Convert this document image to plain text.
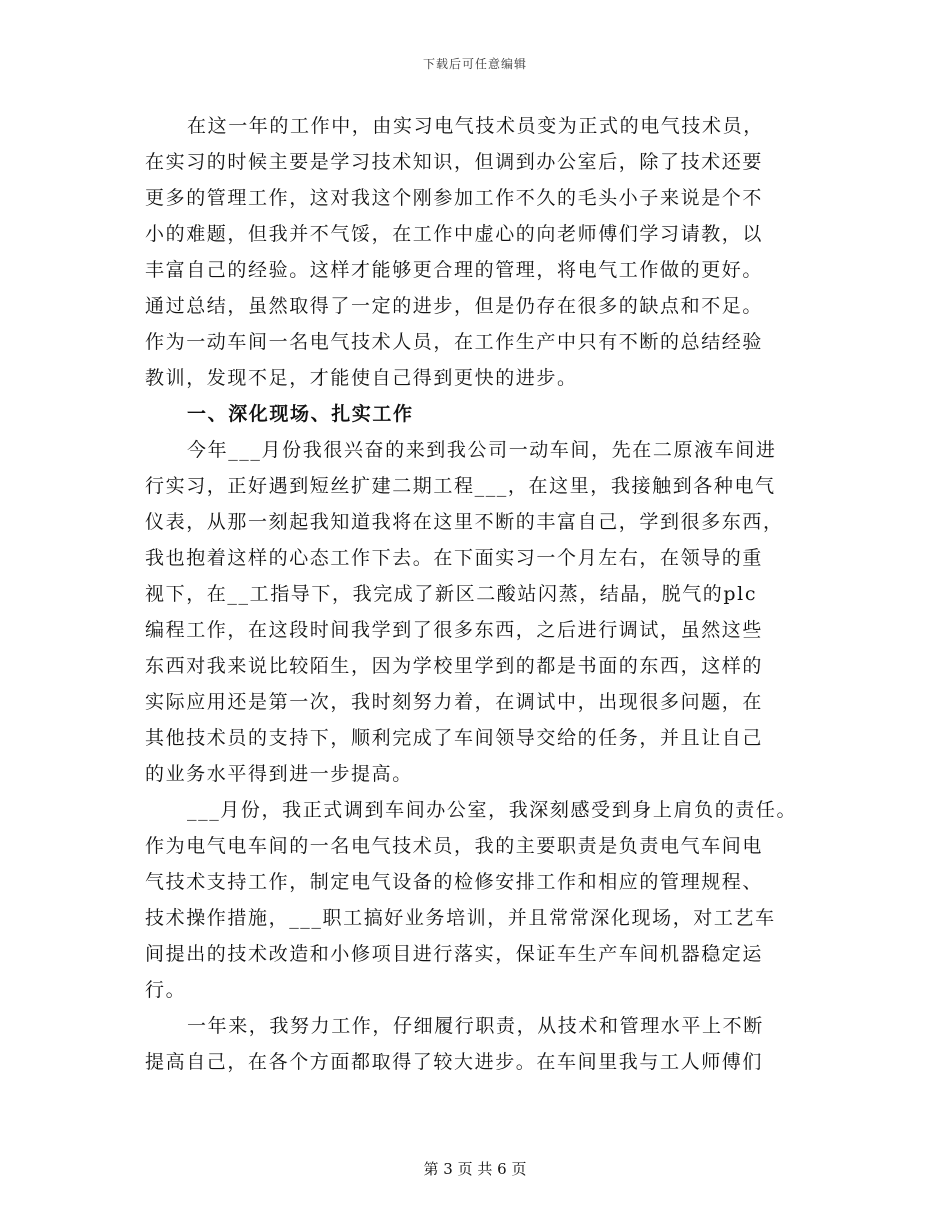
下载后可任意编辑
在这一年的工作中，由实习电气技术员变为正式的电气技术员，
在实习的时候主要是学习技术知识，但调到办公室后，除了技术还要
更多的管理工作，这对我这个刚参加工作不久的毛头小子来说是个不
小的难题，但我并不气馁，在工作中虚心的向老师傅们学习请教，以
丰富自己的经验。这样才能够更合理的管理，将电气工作做的更好。
通过总结，虽然取得了一定的进步，但是仍存在很多的缺点和不足。
作为一动车间一名电气技术人员，在工作生产中只有不断的总结经验
教训，发现不足，才能使自己得到更快的进步。
一、深化现场、扎实工作
今年___月份我很兴奋的来到我公司一动车间，先在二原液车间进
行实习，正好遇到短丝扩建二期工程___，在这里，我接触到各种电气
仪表，从那一刻起我知道我将在这里不断的丰富自己，学到很多东西，
我也抱着这样的心态工作下去。在下面实习一个月左右，在领导的重
视下，在__工指导下，我完成了新区二酸站闪蒸，结晶，脱气的plc
编程工作，在这段时间我学到了很多东西，之后进行调试，虽然这些
东西对我来说比较陌生，因为学校里学到的都是书面的东西，这样的
实际应用还是第一次，我时刻努力着，在调试中，出现很多问题，在
其他技术员的支持下，顺利完成了车间领导交给的任务，并且让自己
的业务水平得到进一步提高。
___月份，我正式调到车间办公室，我深刻感受到身上肩负的责任。
作为电气电车间的一名电气技术员，我的主要职责是负责电气车间电
气技术支持工作，制定电气设备的检修安排工作和相应的管理规程、
技术操作措施，___职工搞好业务培训，并且常常深化现场，对工艺车
间提出的技术改造和小修项目进行落实，保证车生产车间机器稳定运
行。
一年来，我努力工作，仔细履行职责，从技术和管理水平上不断
提高自己，在各个方面都取得了较大进步。在车间里我与工人师傅们
第 3 页 共 6 页
